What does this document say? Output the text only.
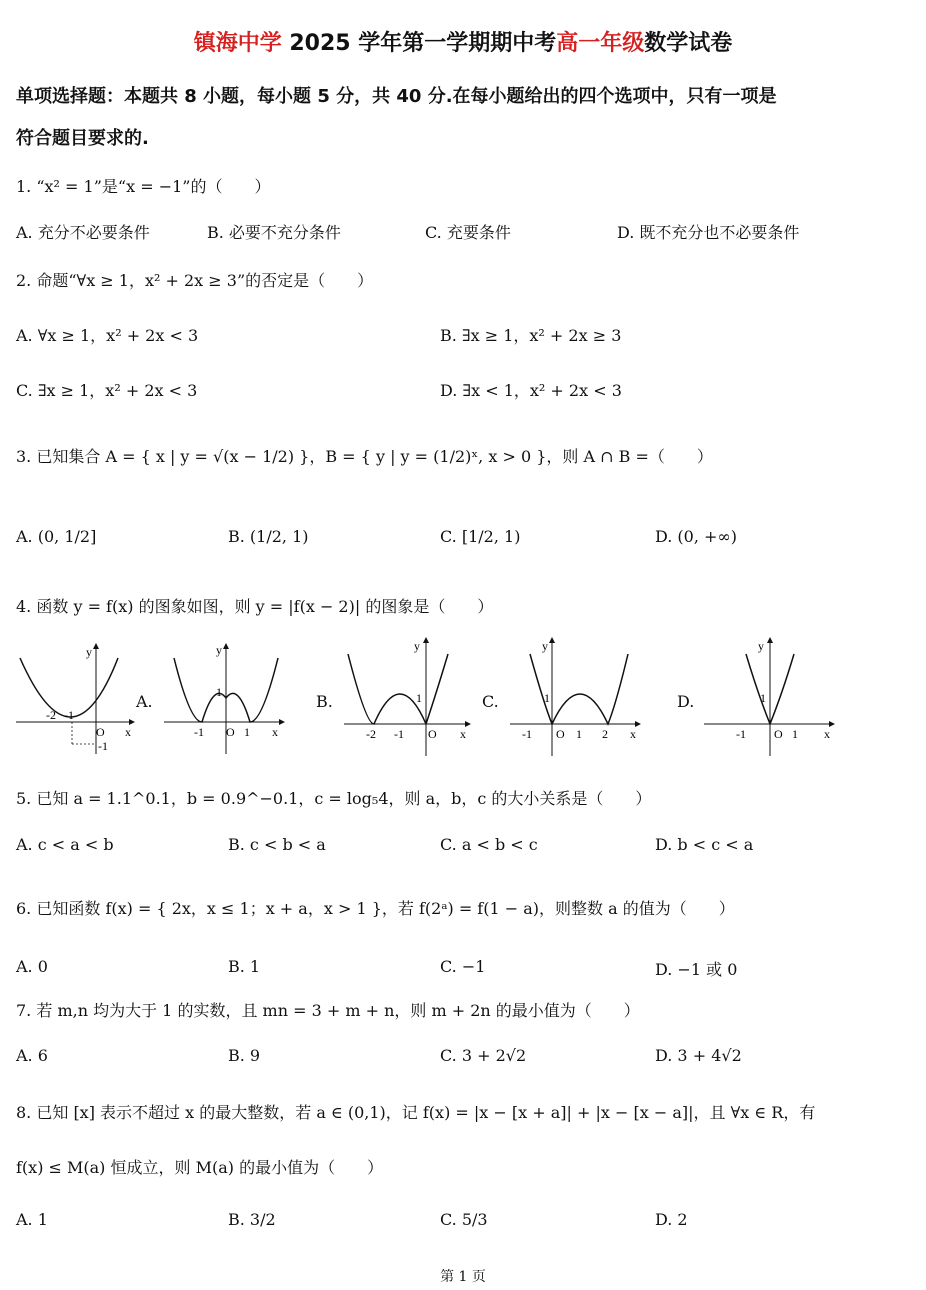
镇海中学 2025 学年第一学期期中考高一年级数学试卷
单项选择题：本题共 8 小题，每小题 5 分，共 40 分.在每小题给出的四个选项中，只有一项是
符合题目要求的.
1. “x² = 1”是“x = −1”的（　　）
A. 充分不必要条件	B. 必要不充分条件	C. 充要条件	D. 既不充分也不必要条件
2. 命题“∀x ≥ 1，x² + 2x ≥ 3”的否定是（　　）
A. ∀x ≥ 1，x² + 2x < 3	B. ∃x ≥ 1，x² + 2x ≥ 3
C. ∃x ≥ 1，x² + 2x < 3	D. ∃x < 1，x² + 2x < 3
3. 已知集合 A = { x | y = √(x − 1/2) }，B = { y | y = (1/2)ˣ, x > 0 }，则 A ∩ B =（　　）
A. (0, 1/2]	B. (1/2, 1)	C. [1/2, 1)	D. (0, +∞)
4. 函数 y = f(x) 的图象如图，则 y = |f(x − 2)| 的图象是（　　）
y
x
-2 -1
O
-1
A.
y
x
1
-1 O 1
B.
y
x
1
-2 -1 O
C.
y
x
1
-1 O 1 2
D.
y
x
1
-1 O 1
5. 已知 a = 1.1^0.1，b = 0.9^−0.1，c = log₅4，则 a，b，c 的大小关系是（　　）
A. c < a < b	B. c < b < a	C. a < b < c	D. b < c < a
6. 已知函数 f(x) = { 2x，x ≤ 1；x + a，x > 1 }，若 f(2ᵃ) = f(1 − a)，则整数 a 的值为（　　）
A. 0	B. 1	C. −1	D. −1 或 0
7. 若 m,n 均为大于 1 的实数，且 mn = 3 + m + n，则 m + 2n 的最小值为（　　）
A. 6	B. 9	C. 3 + 2√2	D. 3 + 4√2
8. 已知 [x] 表示不超过 x 的最大整数，若 a ∈ (0,1)，记 f(x) = |x − [x + a]| + |x − [x − a]|，且 ∀x ∈ R，有
f(x) ≤ M(a) 恒成立，则 M(a) 的最小值为（　　）
A. 1	B. 3/2	C. 5/3	D. 2
第 1 页
